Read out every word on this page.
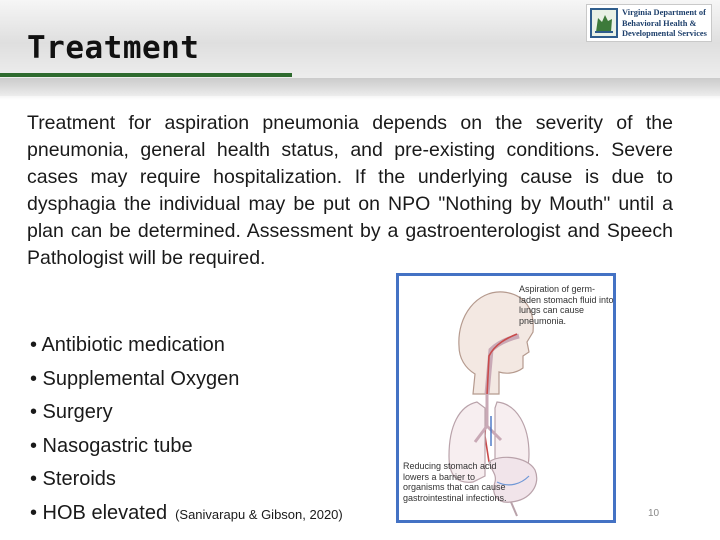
Treatment
Virginia Department of
Behavioral Health &
Developmental Services
Treatment for aspiration pneumonia depends on the severity of the pneumonia, general health status, and pre-existing conditions. Severe cases may require hospitalization. If the underlying cause is due to dysphagia the individual may be put on NPO "Nothing by Mouth" until a plan can be determined. Assessment by a gastroenterologist and Speech Pathologist will be required.
• Antibiotic medication
• Supplemental Oxygen
• Surgery
• Nasogastric tube
• Steroids
• HOB elevated (Sanivarapu & Gibson, 2020)
Aspiration of germ-laden stomach fluid into lungs can cause pneumonia.
Reducing stomach acid lowers a barrier to organisms that can cause gastrointestinal infections.
10
